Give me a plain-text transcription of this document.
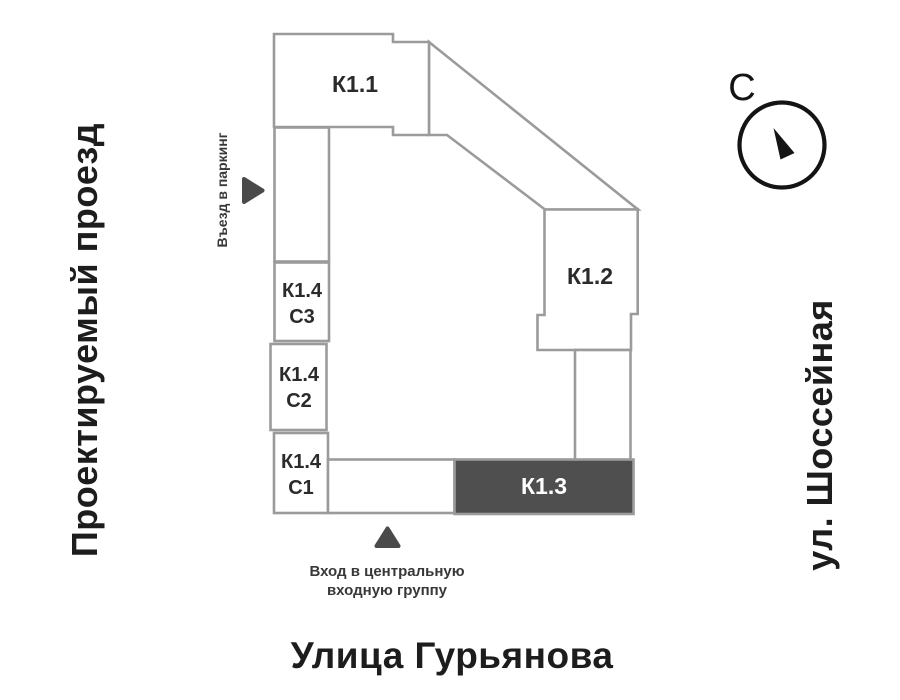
К1.1
К1.2
К1.3
К1.4
С3
К1.4
С2
К1.4
С1
С
Проектируемый проезд	ул. Шоссейная
Улица Гурьянова
Въезд в паркинг
Вход в центральную
входную группу
